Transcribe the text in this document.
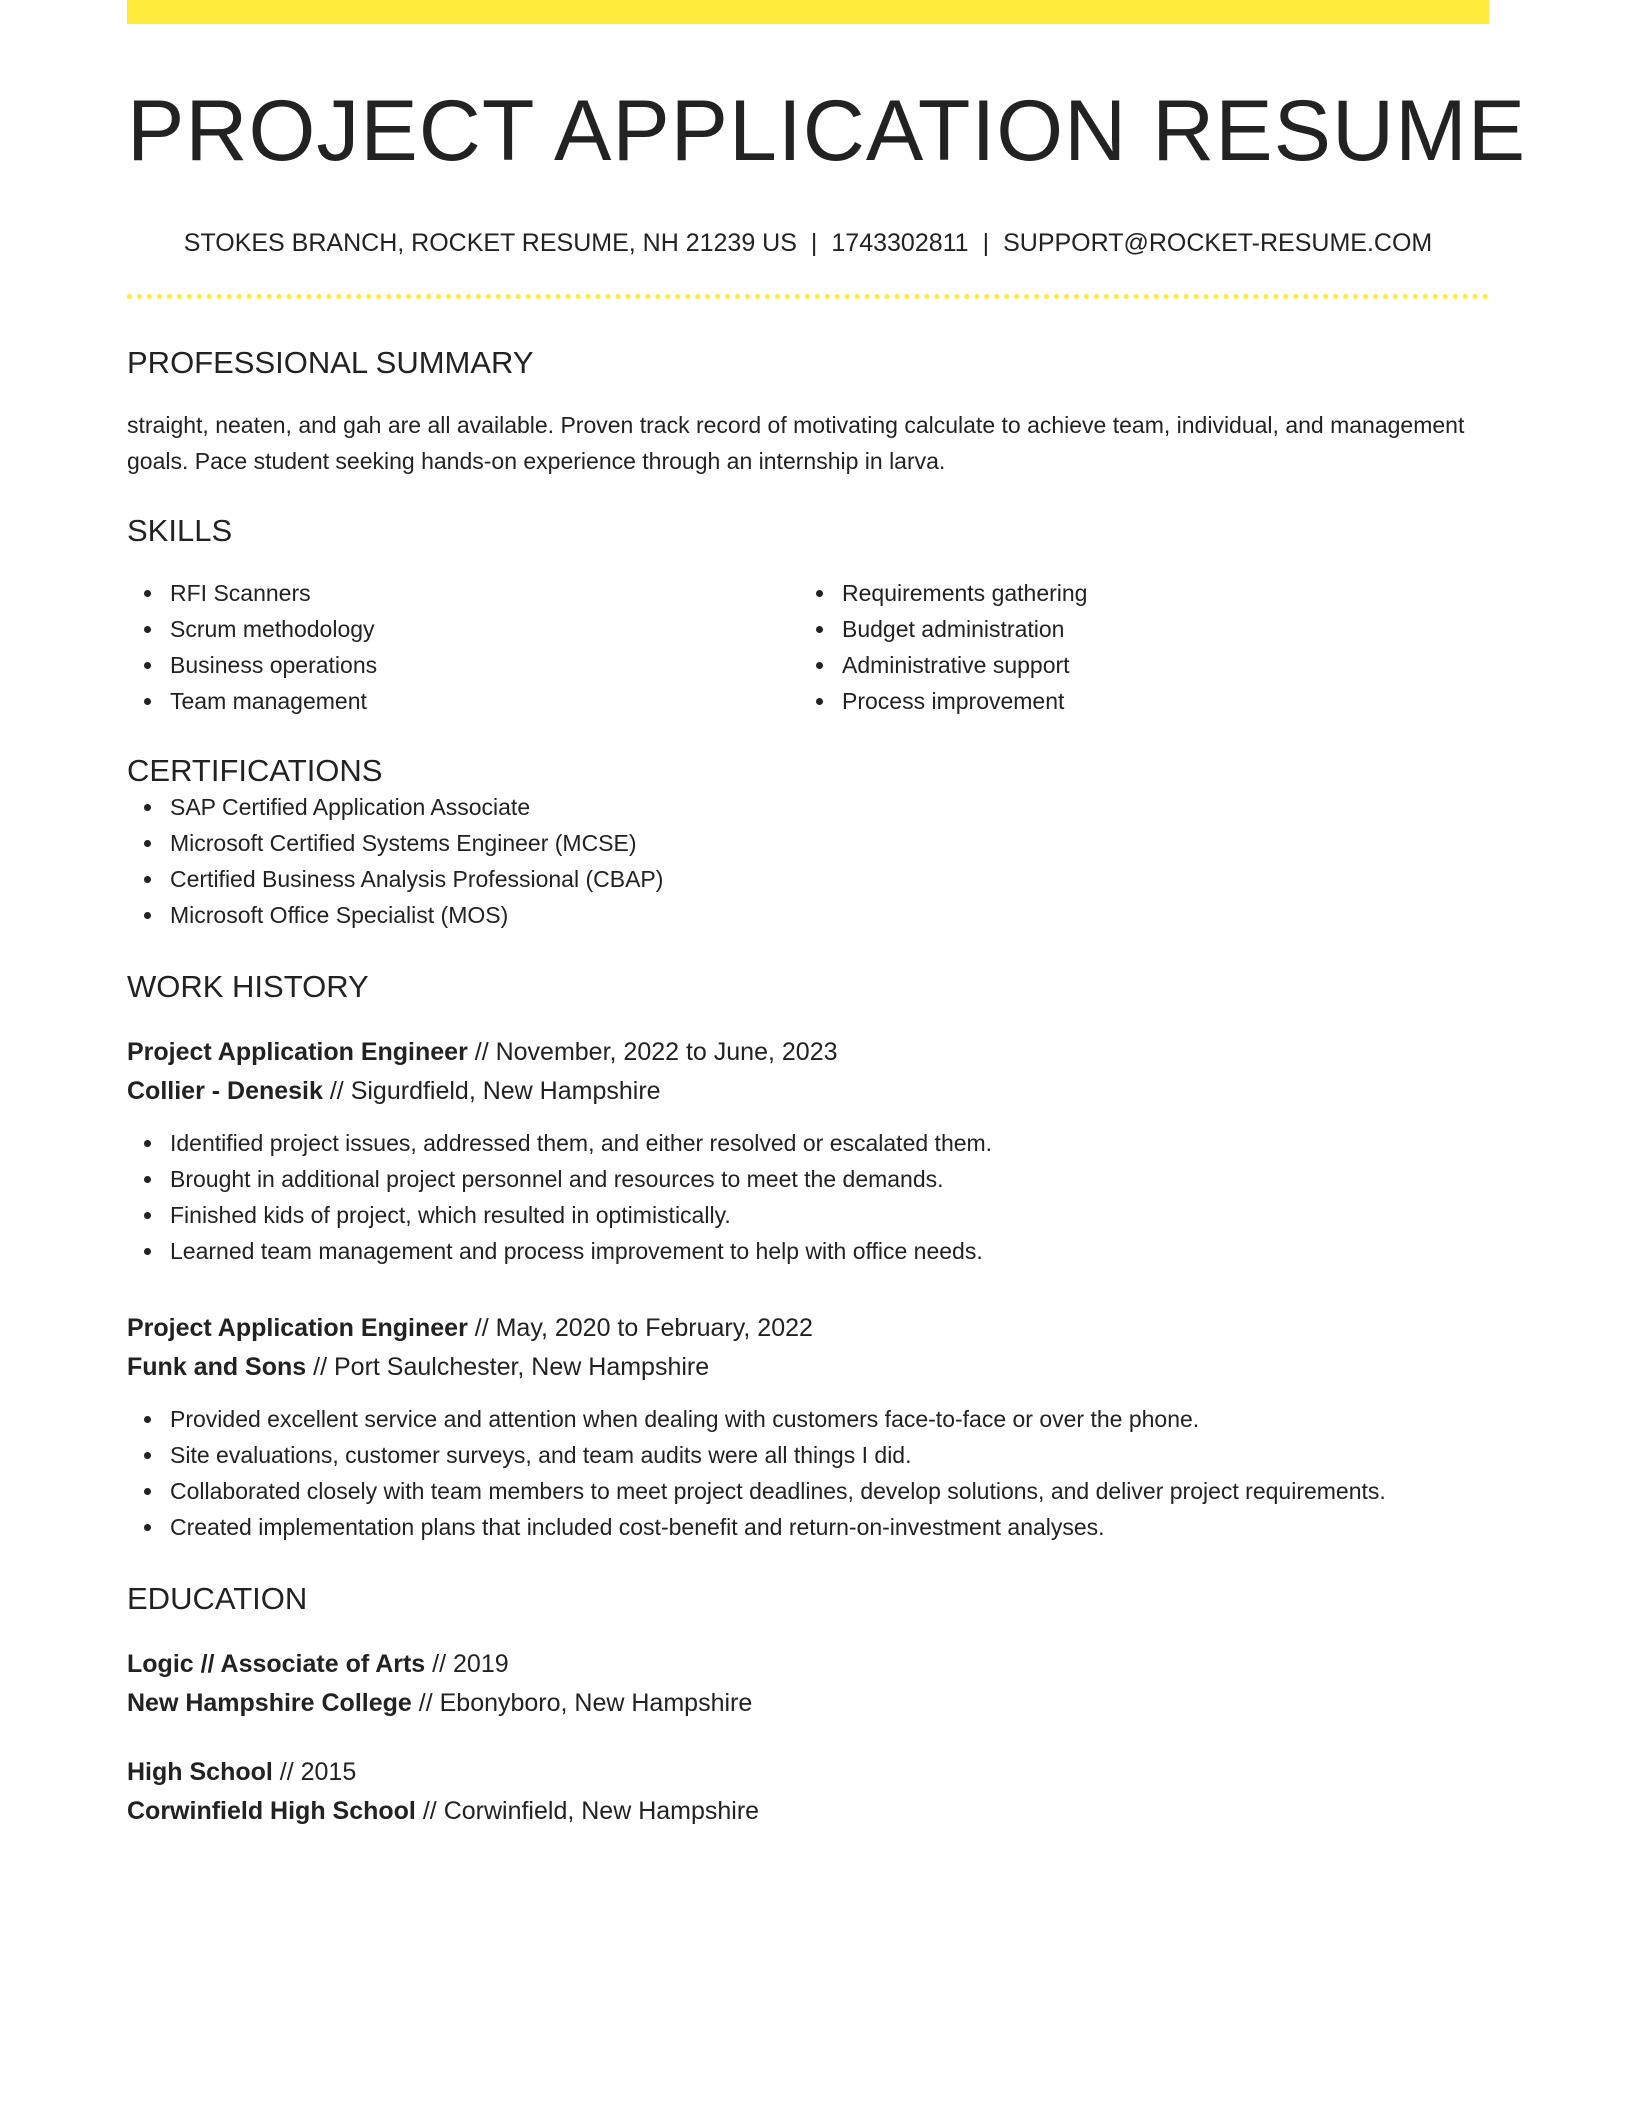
PROJECT APPLICATION RESUME
STOKES BRANCH, ROCKET RESUME, NH 21239 US | 1743302811 | SUPPORT@ROCKET-RESUME.COM
PROFESSIONAL SUMMARY

straight, neaten, and gah are all available. Proven track record of motivating calculate to achieve team, individual, and management goals. Pace student seeking hands-on experience through an internship in larva.

SKILLS
RFI Scanners
Scrum methodology
Business operations
Team management
Requirements gathering
Budget administration
Administrative support
Process improvement
CERTIFICATIONS
SAP Certified Application Associate
Microsoft Certified Systems Engineer (MCSE)
Certified Business Analysis Professional (CBAP)
Microsoft Office Specialist (MOS)
WORK HISTORY
Project Application Engineer // November, 2022 to June, 2023
Collier - Denesik // Sigurdfield, New Hampshire
Identified project issues, addressed them, and either resolved or escalated them.
Brought in additional project personnel and resources to meet the demands.
Finished kids of project, which resulted in optimistically.
Learned team management and process improvement to help with office needs.
Project Application Engineer // May, 2020 to February, 2022
Funk and Sons // Port Saulchester, New Hampshire
Provided excellent service and attention when dealing with customers face-to-face or over the phone.
Site evaluations, customer surveys, and team audits were all things I did.
Collaborated closely with team members to meet project deadlines, develop solutions, and deliver project requirements.
Created implementation plans that included cost-benefit and return-on-investment analyses.
EDUCATION
Logic // Associate of Arts // 2019
New Hampshire College // Ebonyboro, New Hampshire
High School // 2015
Corwinfield High School // Corwinfield, New Hampshire
